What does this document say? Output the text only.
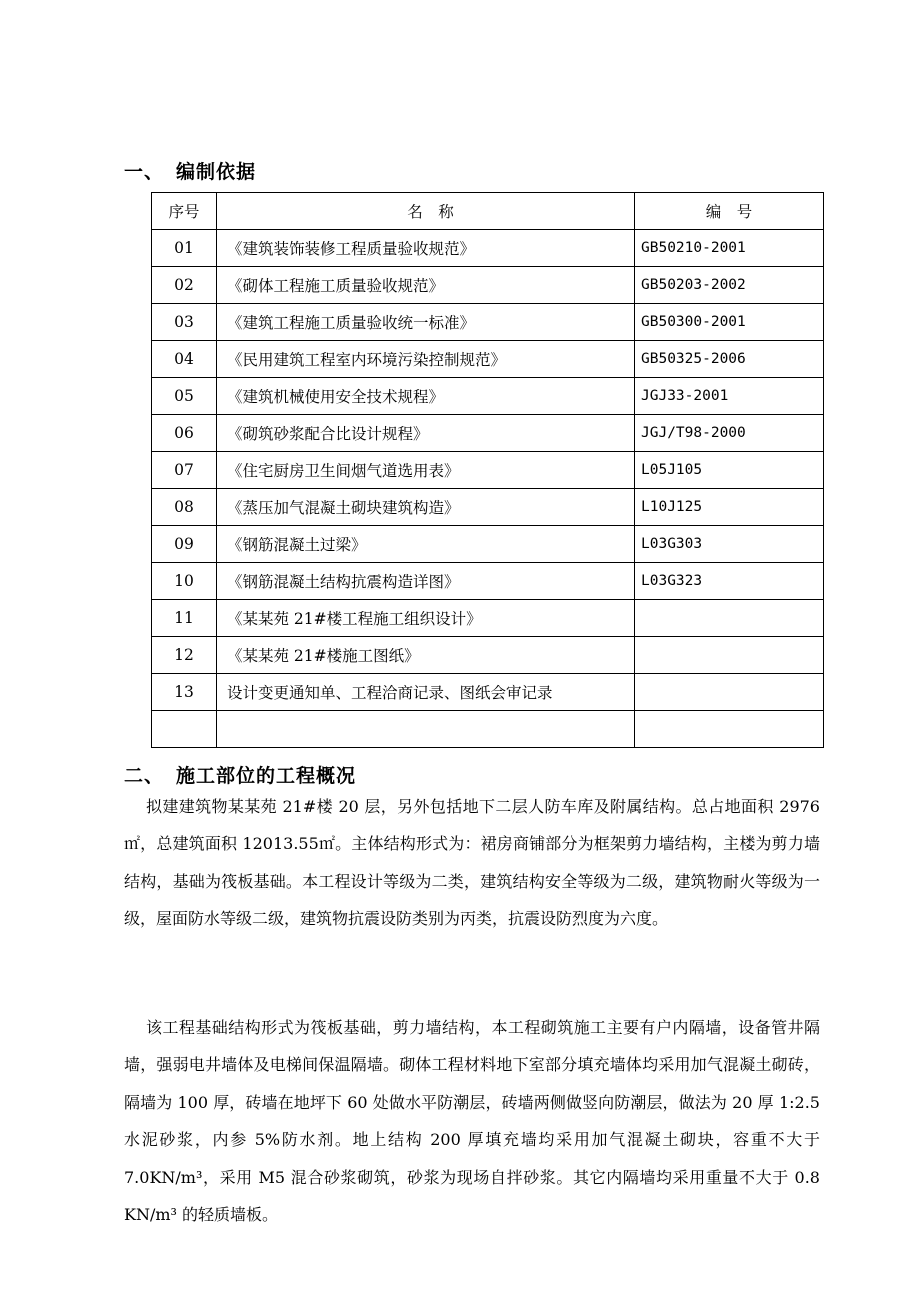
一、 编制依据
序号	名　称	编　号
01	《建筑装饰装修工程质量验收规范》	GB50210-2001
02	《砌体工程施工质量验收规范》	GB50203-2002
03	《建筑工程施工质量验收统一标准》	GB50300-2001
04	《民用建筑工程室内环境污染控制规范》	GB50325-2006
05	《建筑机械使用安全技术规程》	JGJ33-2001
06	《砌筑砂浆配合比设计规程》	JGJ/T98-2000
07	《住宅厨房卫生间烟气道选用表》	L05J105
08	《蒸压加气混凝土砌块建筑构造》	L10J125
09	《钢筋混凝土过梁》	L03G303
10	《钢筋混凝土结构抗震构造详图》	L03G323
11	《某某苑 21#楼工程施工组织设计》	
12	《某某苑 21#楼施工图纸》	
13	设计变更通知单、工程洽商记录、图纸会审记录	

二、 施工部位的工程概况
拟建建筑物某某苑 21#楼 20 层，另外包括地下二层人防车库及附属结构。总占地面积 2976㎡，总建筑面积 12013.55㎡。主体结构形式为：裙房商铺部分为框架剪力墙结构，主楼为剪力墙结构，基础为筏板基础。本工程设计等级为二类，建筑结构安全等级为二级，建筑物耐火等级为一级，屋面防水等级二级，建筑物抗震设防类别为丙类，抗震设防烈度为六度。
该工程基础结构形式为筏板基础，剪力墙结构，本工程砌筑施工主要有户内隔墙，设备管井隔墙，强弱电井墙体及电梯间保温隔墙。砌体工程材料地下室部分填充墙体均采用加气混凝土砌砖，隔墙为 100 厚，砖墙在地坪下 60 处做水平防潮层，砖墙两侧做竖向防潮层，做法为 20 厚 1:2.5 水泥砂浆，内参 5%防水剂。地上结构 200 厚填充墙均采用加气混凝土砌块，容重不大于 7.0KN/m³，采用 M5 混合砂浆砌筑，砂浆为现场自拌砂浆。其它内隔墙均采用重量不大于 0.8 KN/m³ 的轻质墙板。
